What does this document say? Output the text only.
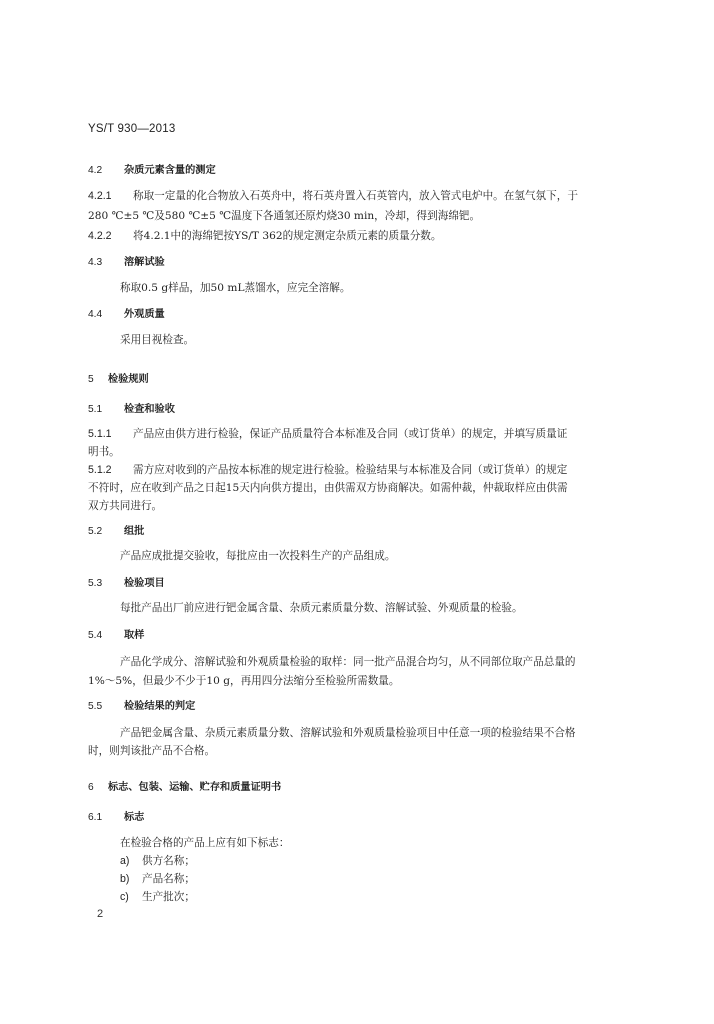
YS/T 930—2013
4.2 杂质元素含量的测定
4.2.1 称取一定量的化合物放入石英舟中，将石英舟置入石英管内，放入管式电炉中。在氢气氛下，于
280 ℃±5 ℃及580 ℃±5 ℃温度下各通氢还原灼烧30 min，冷却，得到海绵钯。
4.2.2 将4.2.1中的海绵钯按YS/T 362的规定测定杂质元素的质量分数。
4.3 溶解试验
称取0.5 g样品，加50 mL蒸馏水，应完全溶解。
4.4 外观质量
采用目视检查。
5 检验规则
5.1 检查和验收
5.1.1 产品应由供方进行检验，保证产品质量符合本标准及合同（或订货单）的规定，并填写质量证
明书。
5.1.2 需方应对收到的产品按本标准的规定进行检验。检验结果与本标准及合同（或订货单）的规定
不符时，应在收到产品之日起15天内向供方提出，由供需双方协商解决。如需仲裁，仲裁取样应由供需
双方共同进行。
5.2 组批
产品应成批提交验收，每批应由一次投料生产的产品组成。
5.3 检验项目
每批产品出厂前应进行钯金属含量、杂质元素质量分数、溶解试验、外观质量的检验。
5.4 取样
产品化学成分、溶解试验和外观质量检验的取样：同一批产品混合均匀，从不同部位取产品总量的
1%～5%，但最少不少于10 g，再用四分法缩分至检验所需数量。
5.5 检验结果的判定
产品钯金属含量、杂质元素质量分数、溶解试验和外观质量检验项目中任意一项的检验结果不合格
时，则判该批产品不合格。
6 标志、包装、运输、贮存和质量证明书
6.1 标志
在检验合格的产品上应有如下标志：
a) 供方名称；
b) 产品名称；
c) 生产批次；
2
